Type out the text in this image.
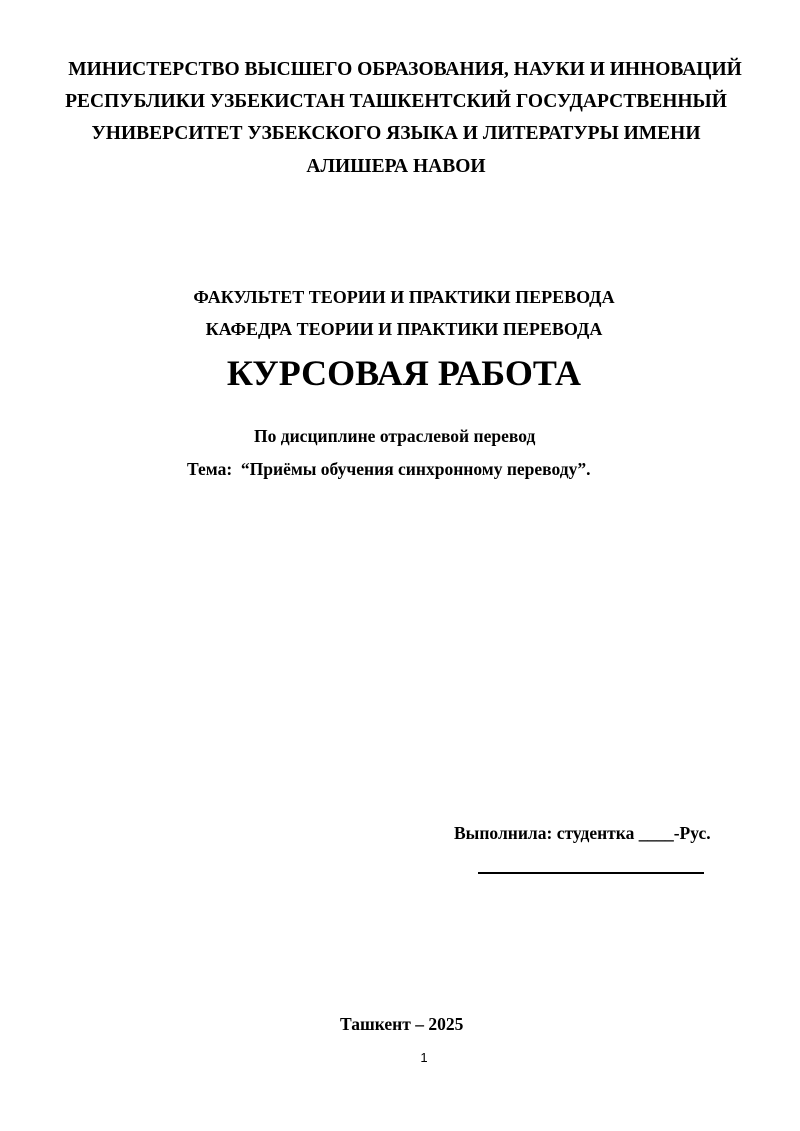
МИНИСТЕРСТВО ВЫСШЕГО ОБРАЗОВАНИЯ, НАУКИ И ИННОВАЦИЙ
РЕСПУБЛИКИ УЗБЕКИСТАН ТАШКЕНТСКИЙ ГОСУДАРСТВЕННЫЙ
УНИВЕРСИТЕТ УЗБЕКСКОГО ЯЗЫКА И ЛИТЕРАТУРЫ ИМЕНИ
АЛИШЕРА НАВОИ
ФАКУЛЬТЕТ ТЕОРИИ И ПРАКТИКИ ПЕРЕВОДА
КАФЕДРА ТЕОРИИ И ПРАКТИКИ ПЕРЕВОДА
КУРСОВАЯ РАБОТА
По дисциплине отраслевой перевод
Тема:  “Приёмы обучения синхронному переводу”.
Выполнила: студентка ____-Рус.
Ташкент – 2025
1
